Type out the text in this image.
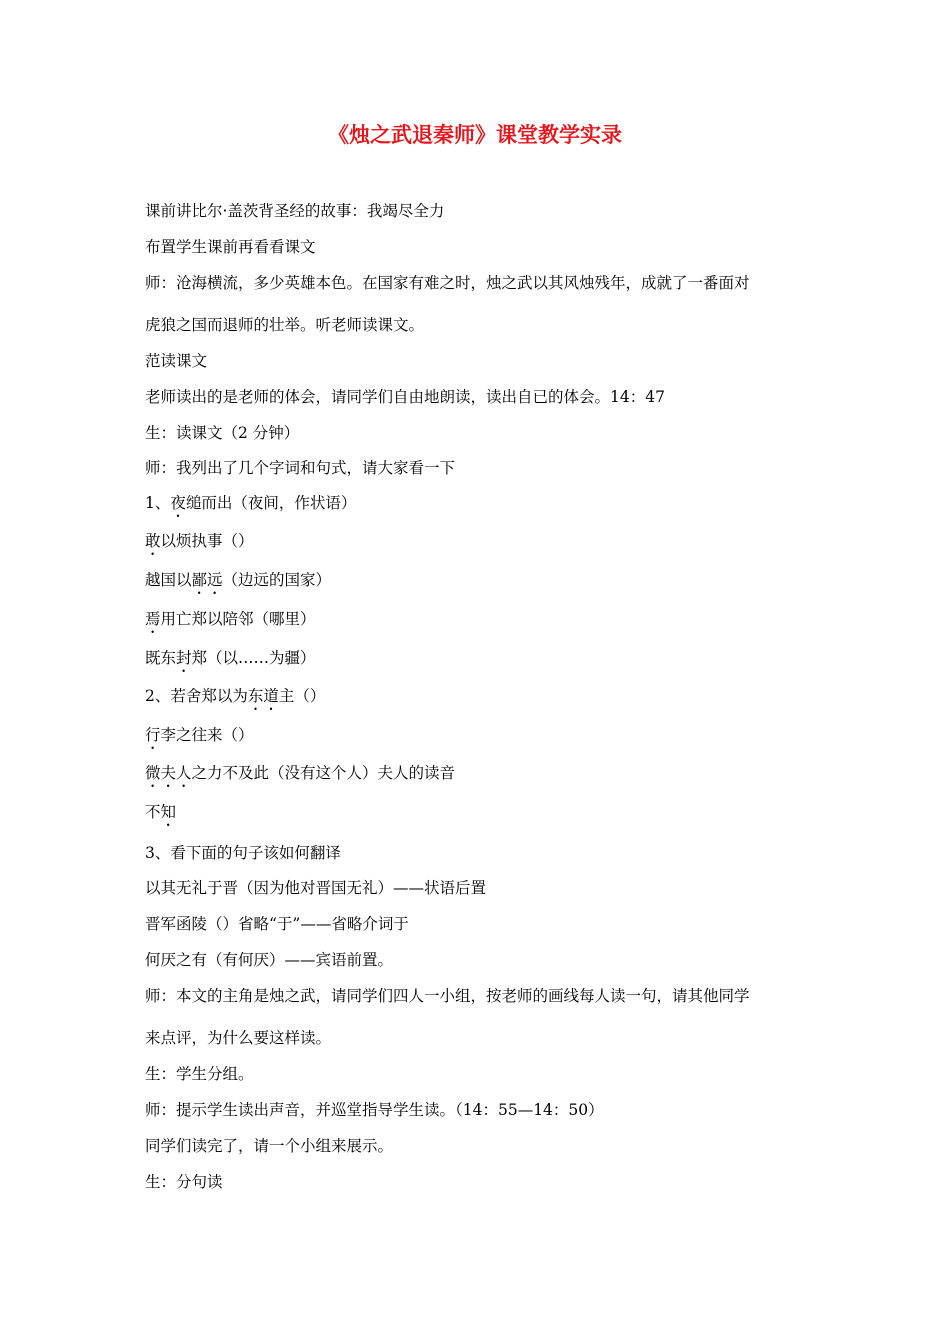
《烛之武退秦师》课堂教学实录
课前讲比尔·盖茨背圣经的故事：我竭尽全力
布置学生课前再看看课文
师：沧海横流，多少英雄本色。在国家有难之时，烛之武以其风烛残年，成就了一番面对
虎狼之国而退师的壮举。听老师读课文。
范读课文
老师读出的是老师的体会，请同学们自由地朗读，读出自已的体会。14：47
生：读课文（2 分钟）
师：我列出了几个字词和句式，请大家看一下
1、夜缒而出（夜间，作状语）
敢以烦执事（）
越国以鄙远（边远的国家）
焉用亡郑以陪邻（哪里）
既东封郑（以……为疆）
2、若舍郑以为东道主（）
行李之往来（）
微夫人之力不及此（没有这个人）夫人的读音
不知
3、看下面的句子该如何翻译
以其无礼于晋（因为他对晋国无礼）——状语后置
晋军函陵（）省略“于”——省略介词于
何厌之有（有何厌）——宾语前置。
师：本文的主角是烛之武，请同学们四人一小组，按老师的画线每人读一句，请其他同学
来点评，为什么要这样读。
生：学生分组。
师：提示学生读出声音，并巡堂指导学生读。（14：55—14：50）
同学们读完了，请一个小组来展示。
生：分句读
